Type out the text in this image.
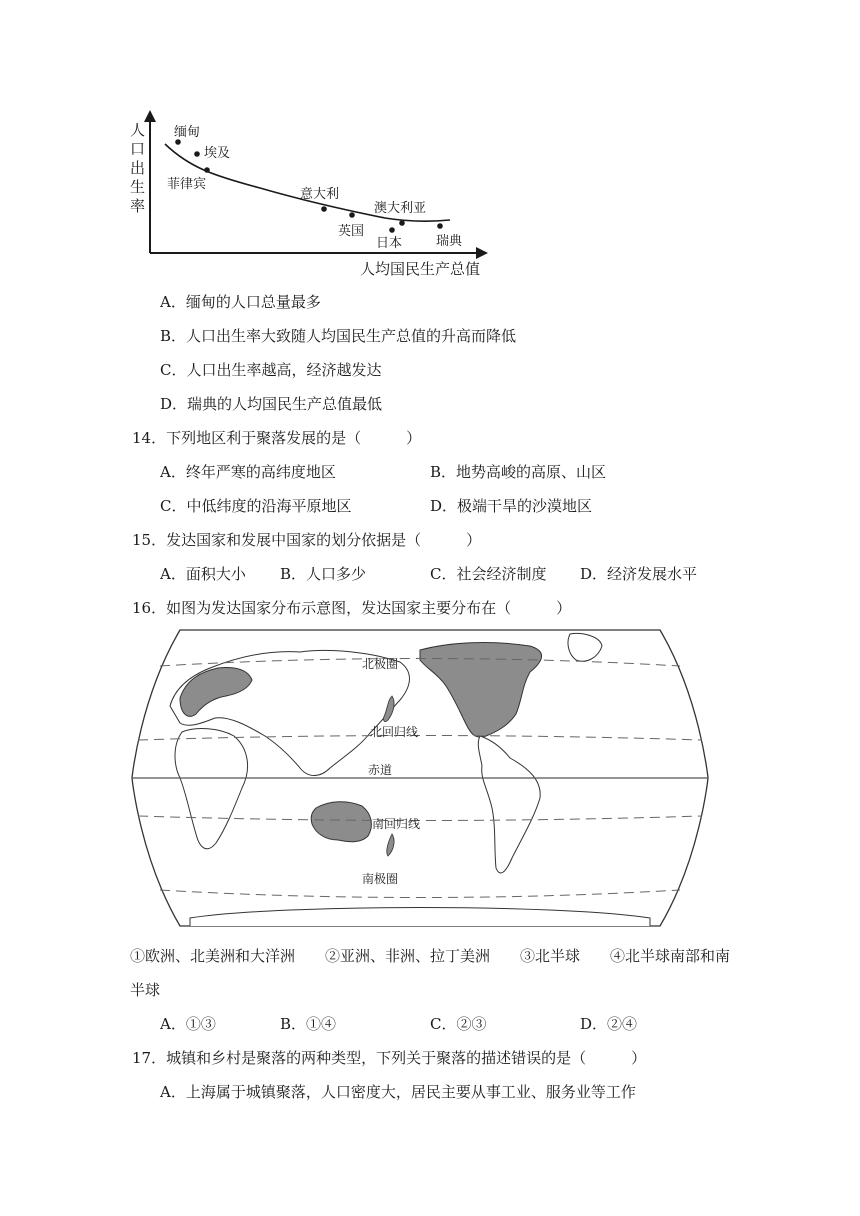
人
口
出
生
率
人均国民生产总值
缅甸
埃及
菲律宾
意大利
澳大利亚
英国
日本	瑞典
A．缅甸的人口总量最多
B．人口出生率大致随人均国民生产总值的升高而降低
C．人口出生率越高，经济越发达
D．瑞典的人均国民生产总值最低
14．下列地区利于聚落发展的是（　　　）
A．终年严寒的高纬度地区	B．地势高峻的高原、山区
C．中低纬度的沿海平原地区	D．极端干旱的沙漠地区
15．发达国家和发展中国家的划分依据是（　　　）
A．面积大小 B．人口多少	C．社会经济制度 D．经济发展水平
16．如图为发达国家分布示意图，发达国家主要分布在（　　　）
北极圈
北回归线
赤道
南回归线
南极圈
①欧洲、北美洲和大洋洲　　②亚洲、非洲、拉丁美洲　　③北半球　　④北半球南部和南
半球
A．①③	B．①④	C．②③	D．②④
17．城镇和乡村是聚落的两种类型，下列关于聚落的描述错误的是（　　　）
A．上海属于城镇聚落，人口密度大，居民主要从事工业、服务业等工作
